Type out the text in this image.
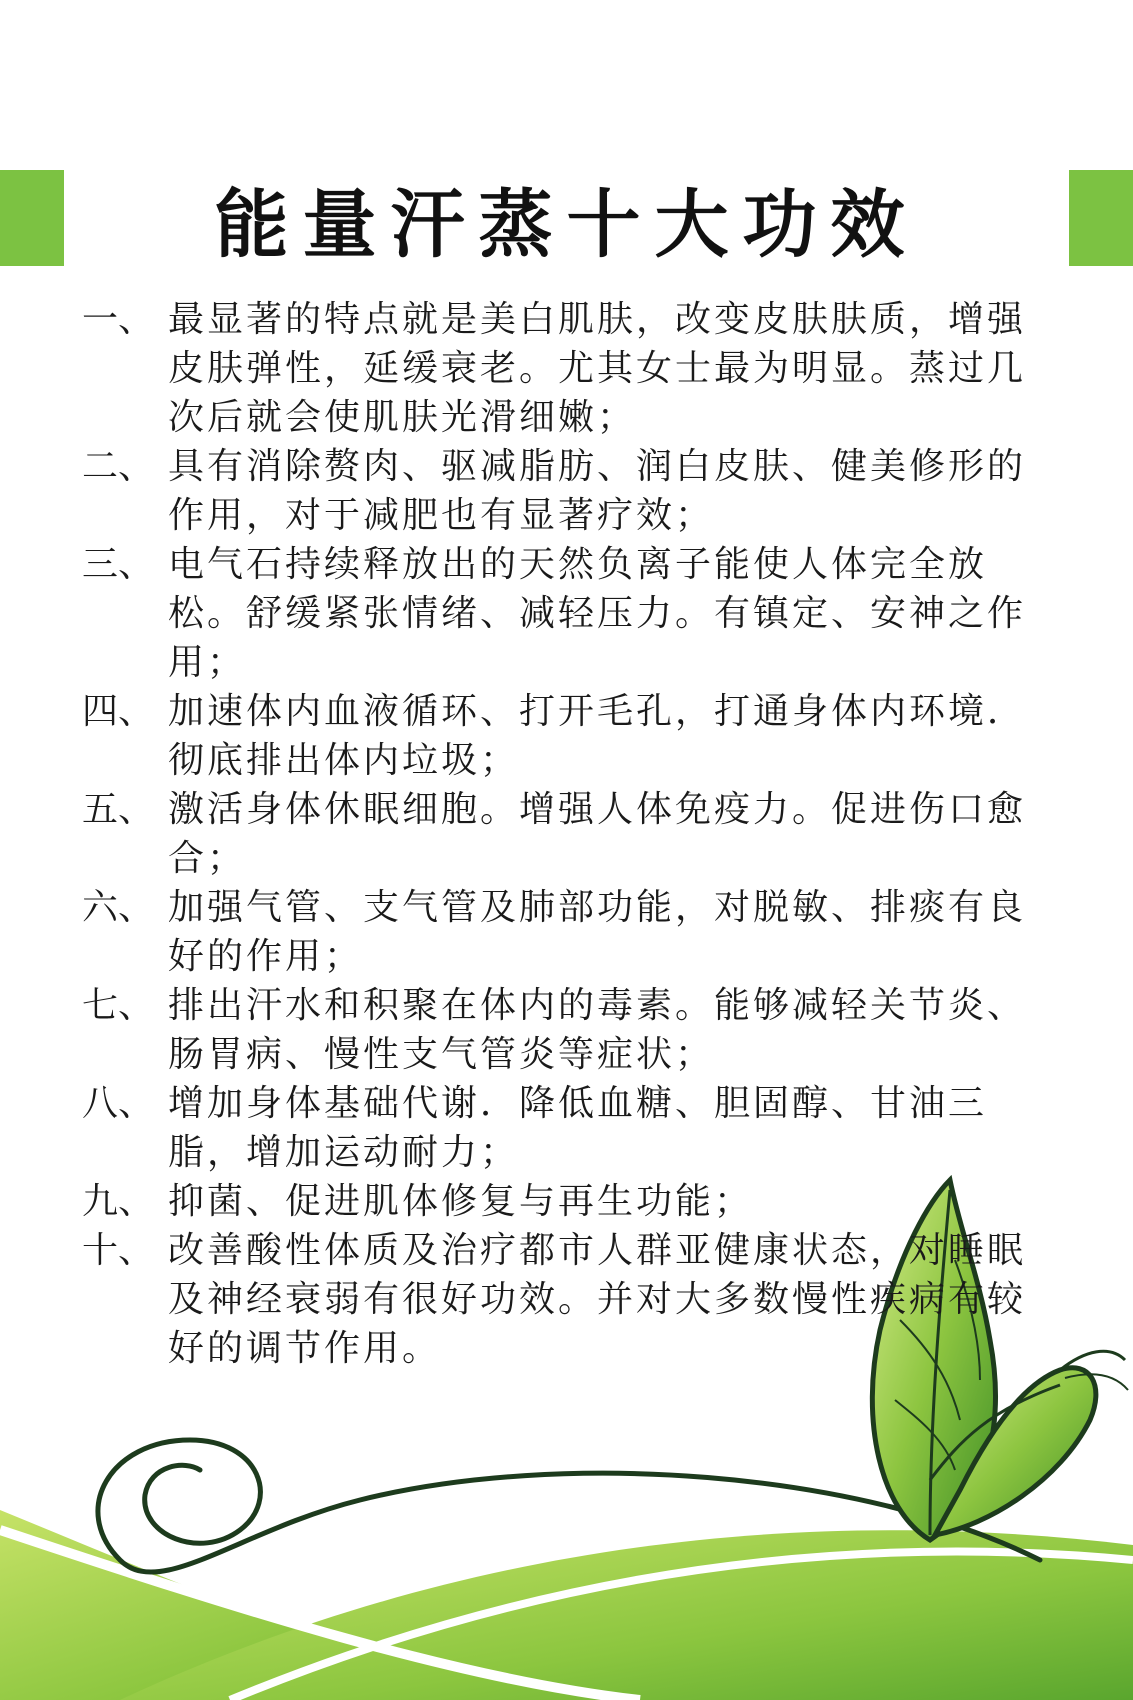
能量汗蒸十大功效
一、 最显著的特点就是美白肌肤，改变皮肤肤质，增强皮肤弹性，延缓衰老。尤其女士最为明显。蒸过几次后就会使肌肤光滑细嫩；
二、 具有消除赘肉、驱减脂肪、润白皮肤、健美修形的作用，对于减肥也有显著疗效；
三、 电气石持续释放出的天然负离子能使人体完全放松。舒缓紧张情绪、减轻压力。有镇定、安神之作用；
四、 加速体内血液循环、打开毛孔，打通身体内环境．彻底排出体内垃圾；
五、 激活身体休眠细胞。增强人体免疫力。促进伤口愈合；
六、 加强气管、支气管及肺部功能，对脱敏、排痰有良好的作用；
七、 排出汗水和积聚在体内的毒素。能够减轻关节炎、肠胃病、慢性支气管炎等症状；
八、 增加身体基础代谢．降低血糖、胆固醇、甘油三脂，增加运动耐力；
九、 抑菌、促进肌体修复与再生功能；
十、 改善酸性体质及治疗都市人群亚健康状态，对睡眠及神经衰弱有很好功效。并对大多数慢性疾病有较好的调节作用。
